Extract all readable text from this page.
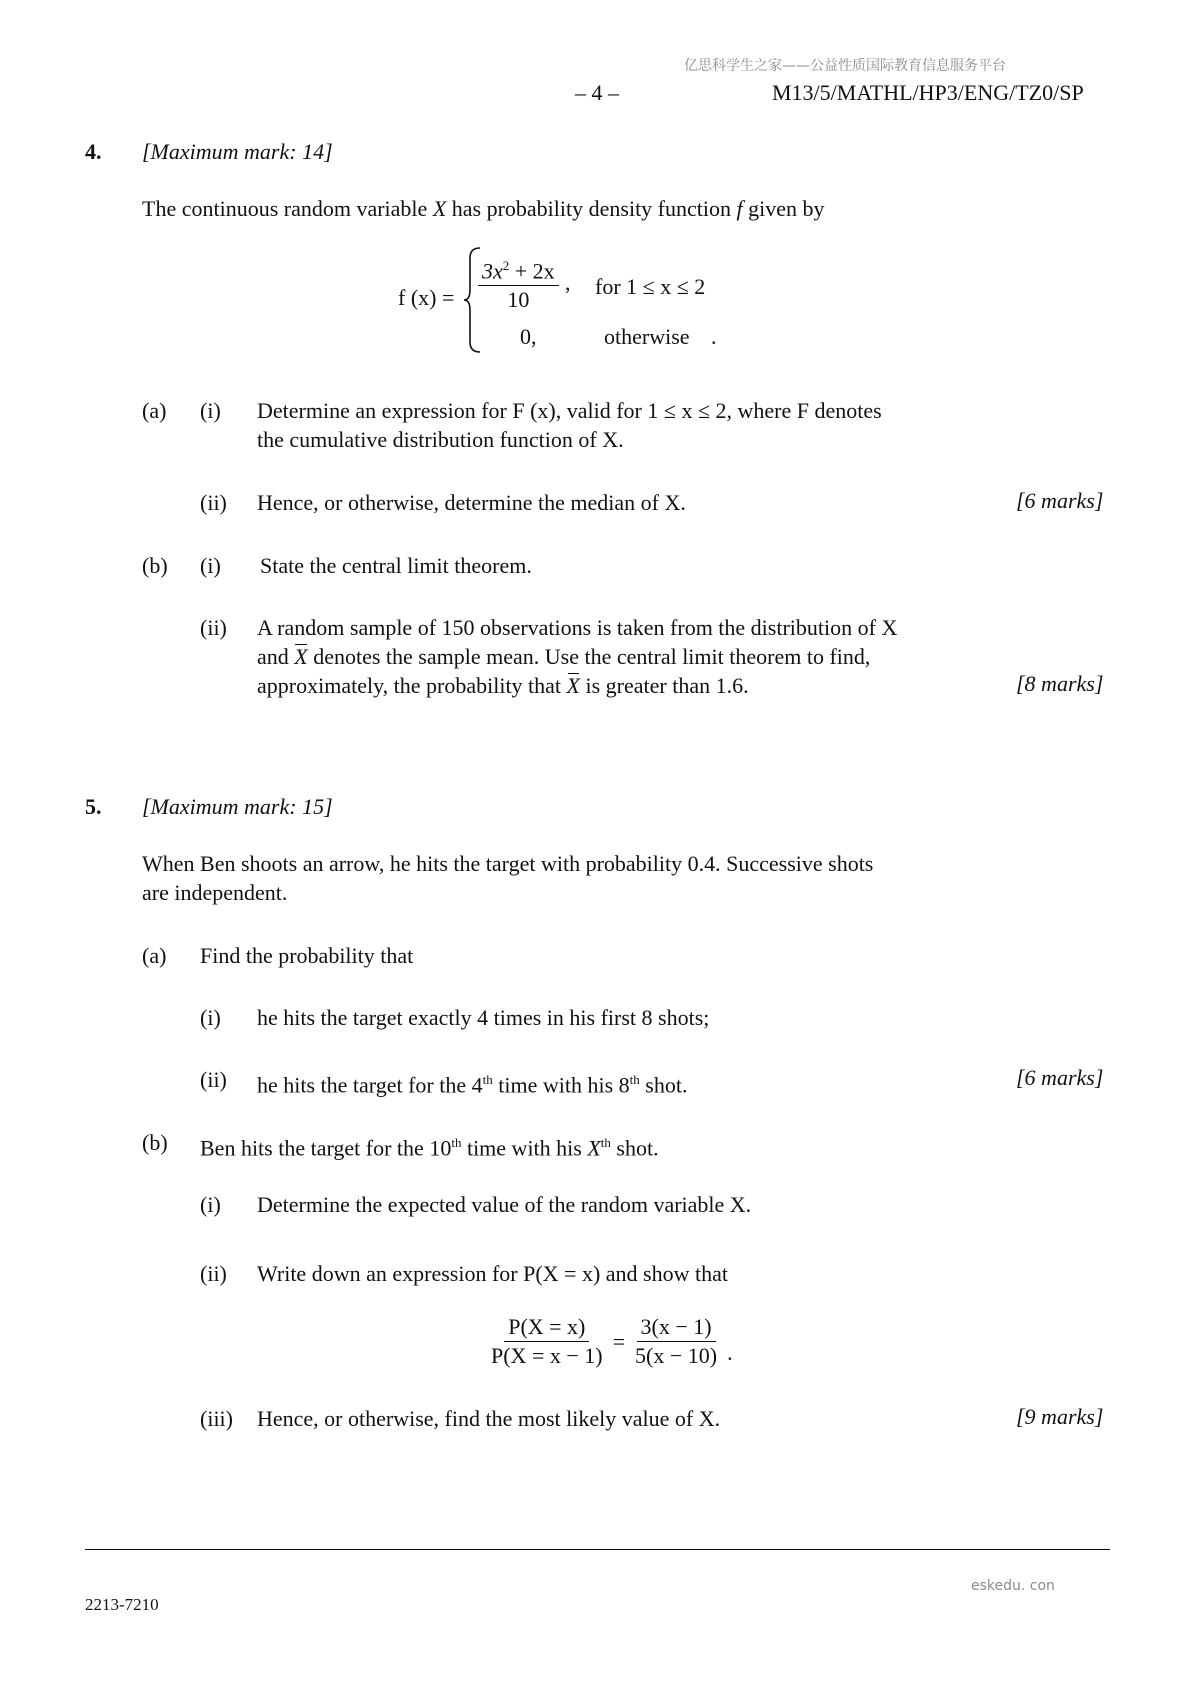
亿思科学生之家——公益性质国际教育信息服务平台
– 4 –	M13/5/MATHL/HP3/ENG/TZ0/SP
4. [Maximum mark: 14]
The continuous random variable X has probability density function f given by
f $(x) = \frac{3x^2 + 2x}{10}$ , for 1 ≤ x ≤ 2
0,	otherwise .
(a) (i) Determine an expression for F (x), valid for 1 ≤ x ≤ 2, where F denotes
the cumulative distribution function of X.
(ii) Hence, or otherwise, determine the median of X.	[6 marks]
(b) (i) State the central limit theorem.
(ii) A random sample of 150 observations is taken from the distribution of X
and X denotes the sample mean. Use the central limit theorem to find,
approximately, the probability that X is greater than 1.6.	[8 marks]
5. [Maximum mark: 15]
When Ben shoots an arrow, he hits the target with probability 0.4. Successive shots
are independent.
(a) Find the probability that
(i) he hits the target exactly 4 times in his first 8 shots;
(ii) he hits the target for the 4th time with his 8th shot.	[6 marks]
(b) Ben hits the target for the 10th time with his Xth shot.
(i) Determine the expected value of the random variable X.
(ii) Write down an expression for P(X = x) and show that
$\frac{P(X = x)}{P(X = x - 1)} = \frac{3(x - 1)}{5(x - 10)}$ .
(iii) Hence, or otherwise, find the most likely value of X.	[9 marks]
2213-7210
eskedu. con
